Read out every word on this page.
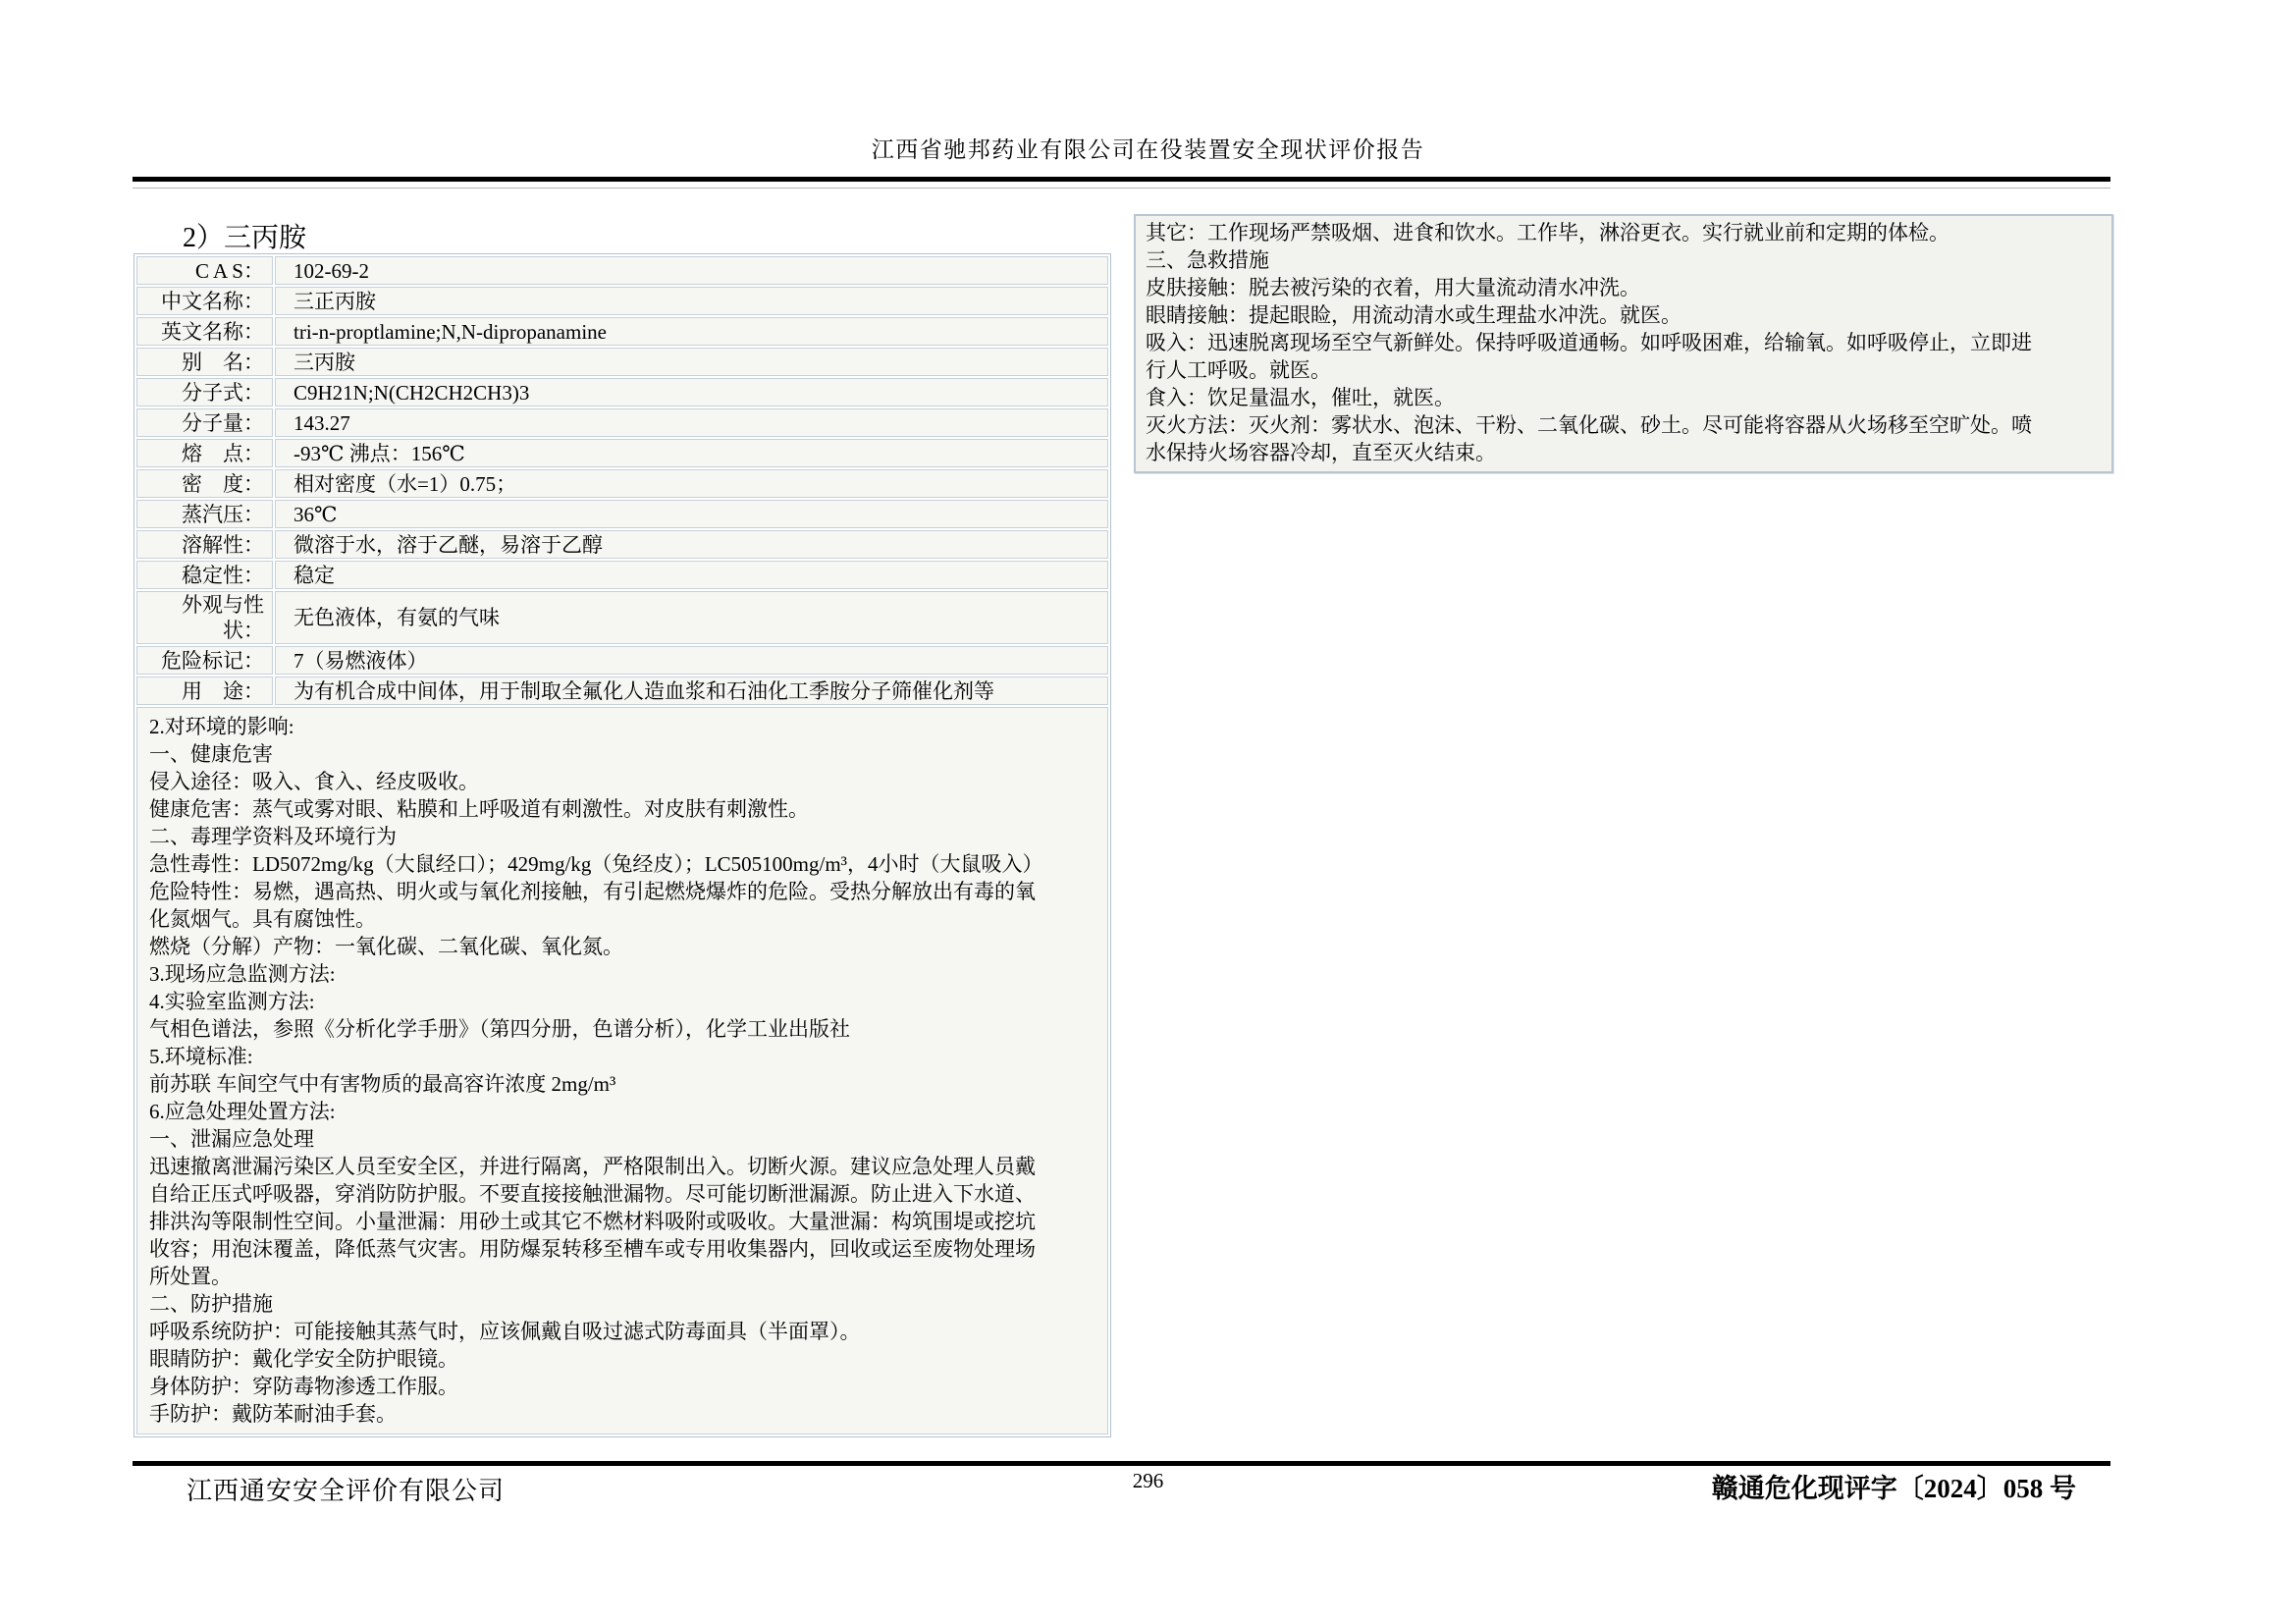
江西省驰邦药业有限公司在役装置安全现状评价报告
2）三丙胺
C A S：	102-69-2
中文名称：	三正丙胺
英文名称：	tri-n-proptlamine;N,N-dipropanamine
别　名：	三丙胺
分子式：	C9H21N;N(CH2CH2CH3)3
分子量：	143.27
熔　点：	-93℃ 沸点：156℃
密　度：	相对密度（水=1）0.75；
蒸汽压：	36℃
溶解性：	微溶于水，溶于乙醚，易溶于乙醇
稳定性：	稳定
外观与性状：
无色液体，有氨的气味
危险标记：	7（易燃液体）
用　途：	为有机合成中间体，用于制取全氟化人造血浆和石油化工季胺分子筛催化剂等
2.对环境的影响:
一、健康危害
侵入途径：吸入、食入、经皮吸收。
健康危害：蒸气或雾对眼、粘膜和上呼吸道有刺激性。对皮肤有刺激性。
二、毒理学资料及环境行为
急性毒性：LD5072mg/kg（大鼠经口）；429mg/kg（兔经皮）；LC505100mg/m³，4小时（大鼠吸入）
危险特性：易燃，遇高热、明火或与氧化剂接触，有引起燃烧爆炸的危险。受热分解放出有毒的氧
化氮烟气。具有腐蚀性。
燃烧（分解）产物：一氧化碳、二氧化碳、氧化氮。
3.现场应急监测方法:
4.实验室监测方法:
气相色谱法，参照《分析化学手册》（第四分册，色谱分析），化学工业出版社
5.环境标准:
前苏联 车间空气中有害物质的最高容许浓度 2mg/m³
6.应急处理处置方法:
一、泄漏应急处理
迅速撤离泄漏污染区人员至安全区，并进行隔离，严格限制出入。切断火源。建议应急处理人员戴
自给正压式呼吸器，穿消防防护服。不要直接接触泄漏物。尽可能切断泄漏源。防止进入下水道、
排洪沟等限制性空间。小量泄漏：用砂土或其它不燃材料吸附或吸收。大量泄漏：构筑围堤或挖坑
收容；用泡沫覆盖，降低蒸气灾害。用防爆泵转移至槽车或专用收集器内，回收或运至废物处理场
所处置。
二、防护措施
呼吸系统防护：可能接触其蒸气时，应该佩戴自吸过滤式防毒面具（半面罩）。
眼睛防护：戴化学安全防护眼镜。
身体防护：穿防毒物渗透工作服。
手防护：戴防苯耐油手套。
其它：工作现场严禁吸烟、进食和饮水。工作毕，淋浴更衣。实行就业前和定期的体检。
三、急救措施
皮肤接触：脱去被污染的衣着，用大量流动清水冲洗。
眼睛接触：提起眼睑，用流动清水或生理盐水冲洗。就医。
吸入：迅速脱离现场至空气新鲜处。保持呼吸道通畅。如呼吸困难，给输氧。如呼吸停止，立即进
行人工呼吸。就医。
食入：饮足量温水，催吐，就医。
灭火方法：灭火剂：雾状水、泡沫、干粉、二氧化碳、砂土。尽可能将容器从火场移至空旷处。喷
水保持火场容器冷却，直至灭火结束。
江西通安安全评价有限公司	296	赣通危化现评字〔2024〕058 号
